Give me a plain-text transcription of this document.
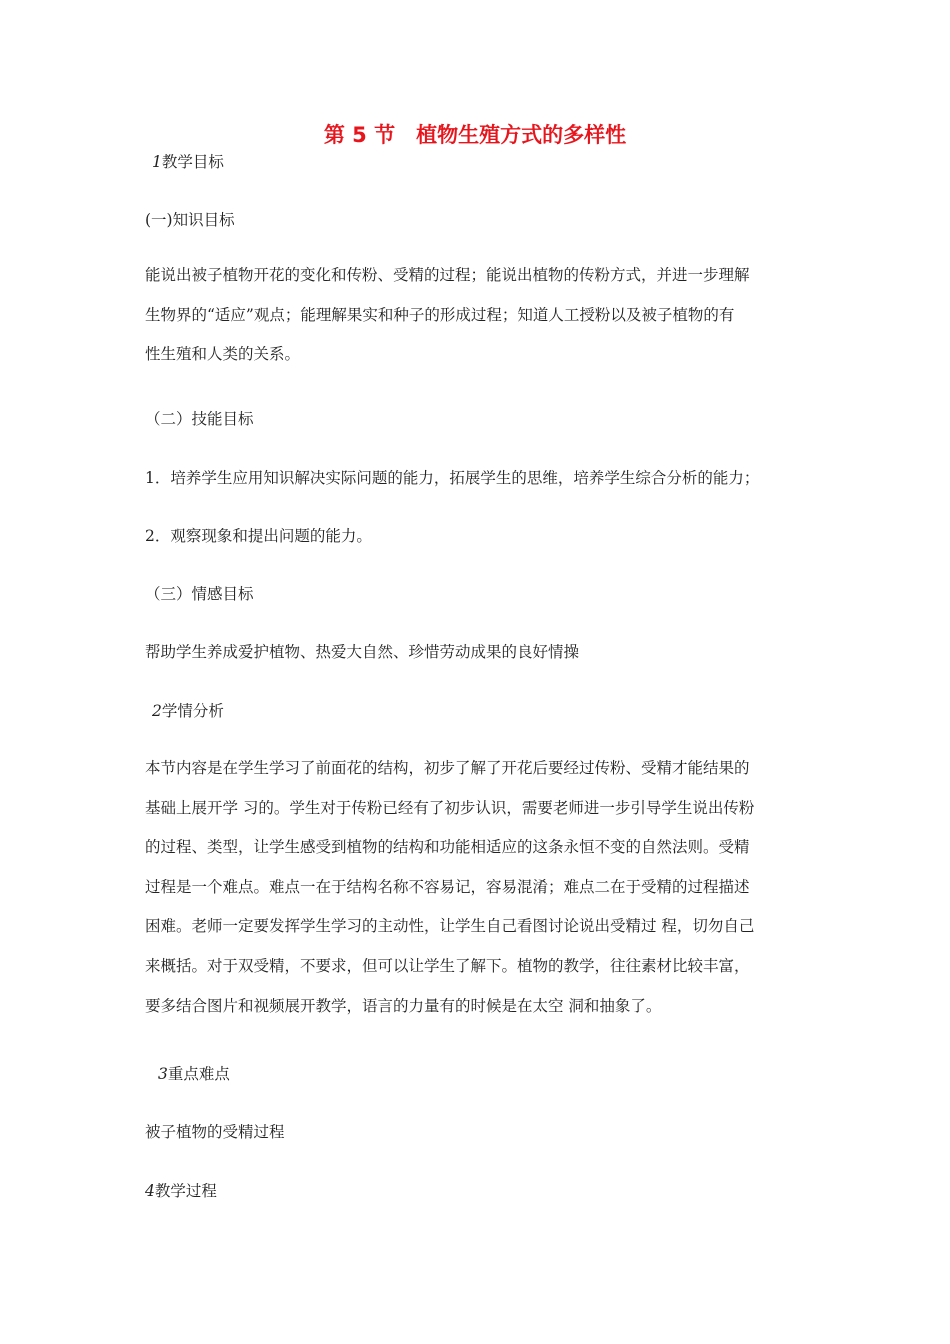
第 5 节　植物生殖方式的多样性

1教学目标

(一)知识目标

能说出被子植物开花的变化和传粉、受精的过程；能说出植物的传粉方式，并进一步理解
生物界的“适应”观点；能理解果实和种子的形成过程；知道人工授粉以及被子植物的有
性生殖和人类的关系。

（二）技能目标

1．培养学生应用知识解决实际问题的能力，拓展学生的思维，培养学生综合分析的能力；

2．观察现象和提出问题的能力。

（三）情感目标

帮助学生养成爱护植物、热爱大自然、珍惜劳动成果的良好情操

2学情分析

本节内容是在学生学习了前面花的结构，初步了解了开花后要经过传粉、受精才能结果的
基础上展开学 习的。学生对于传粉已经有了初步认识，需要老师进一步引导学生说出传粉
的过程、类型，让学生感受到植物的结构和功能相适应的这条永恒不变的自然法则。受精
过程是一个难点。难点一在于结构名称不容易记，容易混淆；难点二在于受精的过程描述
困难。老师一定要发挥学生学习的主动性，让学生自己看图讨论说出受精过 程，切勿自己
来概括。对于双受精，不要求，但可以让学生了解下。植物的教学，往往素材比较丰富，
要多结合图片和视频展开教学，语言的力量有的时候是在太空 洞和抽象了。

3重点难点

被子植物的受精过程

4教学过程
